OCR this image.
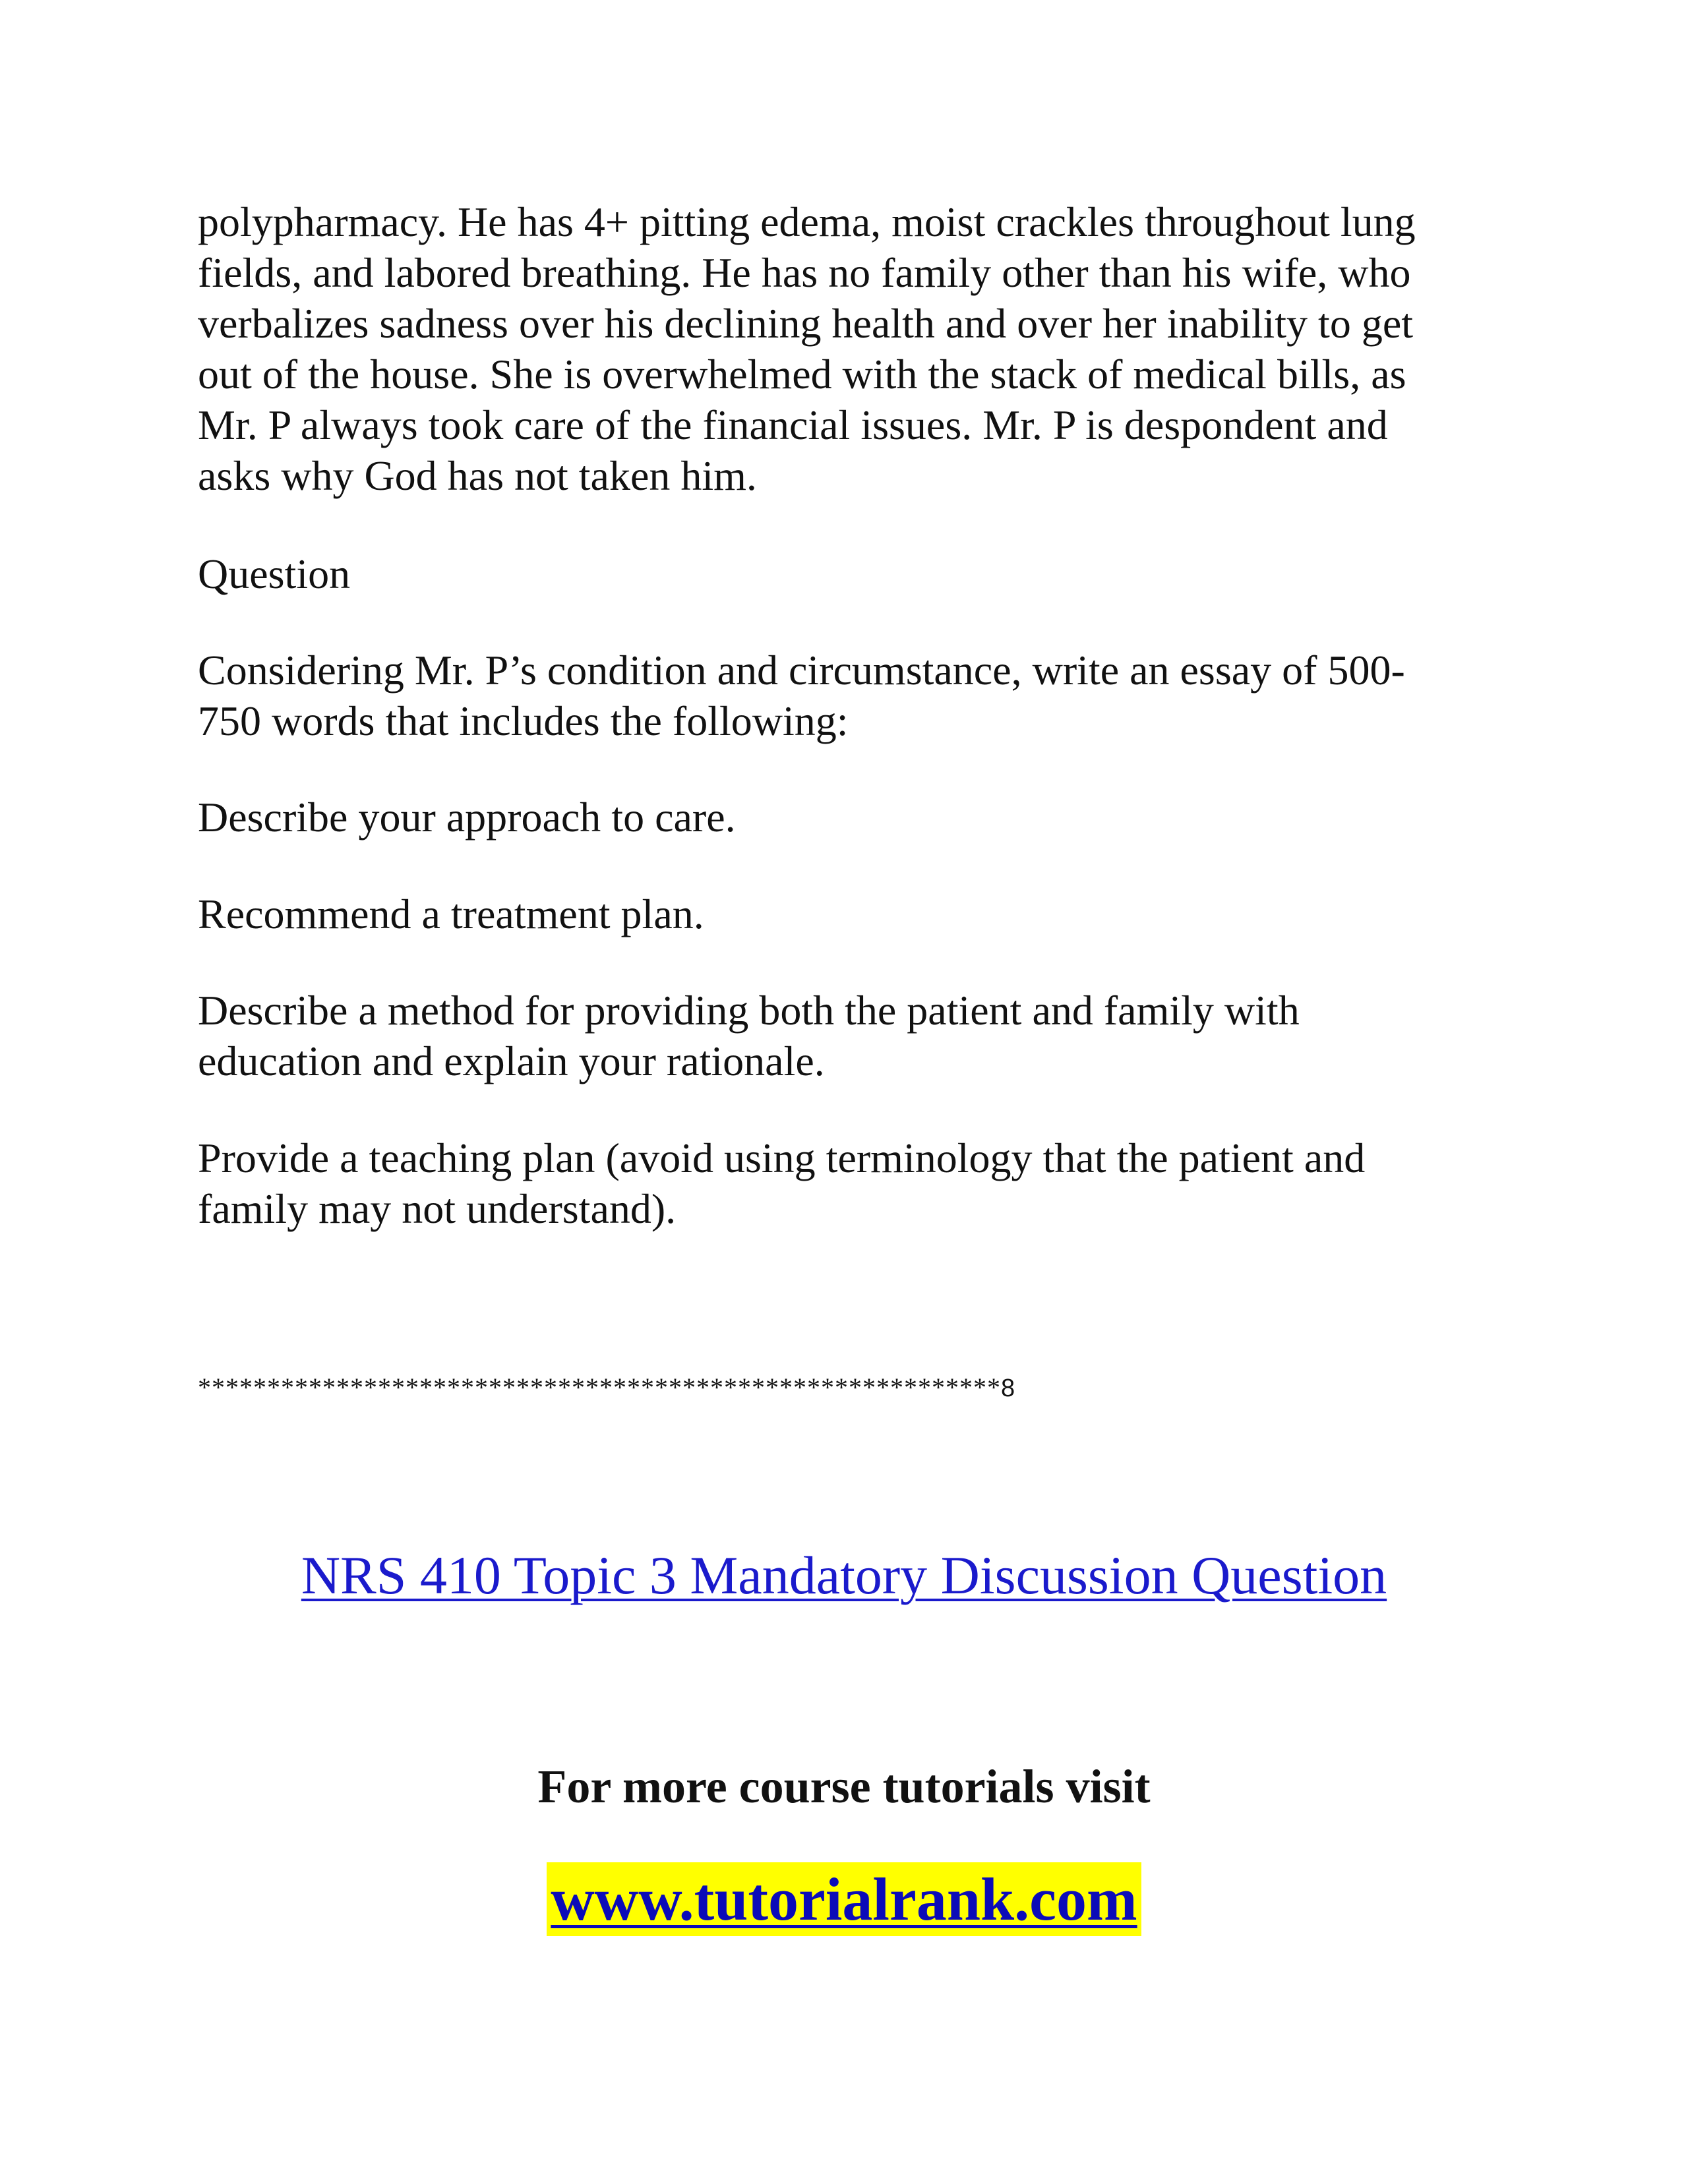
polypharmacy. He has 4+ pitting edema, moist crackles throughout lung
fields, and labored breathing. He has no family other than his wife, who
verbalizes sadness over his declining health and over her inability to get
out of the house. She is overwhelmed with the stack of medical bills, as
Mr. P always took care of the financial issues. Mr. P is despondent and
asks why God has not taken him.

Question

Considering Mr. P’s condition and circumstance, write an essay of 500-
750 words that includes the following:

Describe your approach to care.

Recommend a treatment plan.

Describe a method for providing both the patient and family with
education and explain your rationale.

Provide a teaching plan (avoid using terminology that the patient and
family may not understand).

**********************************************************8

NRS 410 Topic 3 Mandatory Discussion Question

For more course tutorials visit

www.tutorialrank.com
